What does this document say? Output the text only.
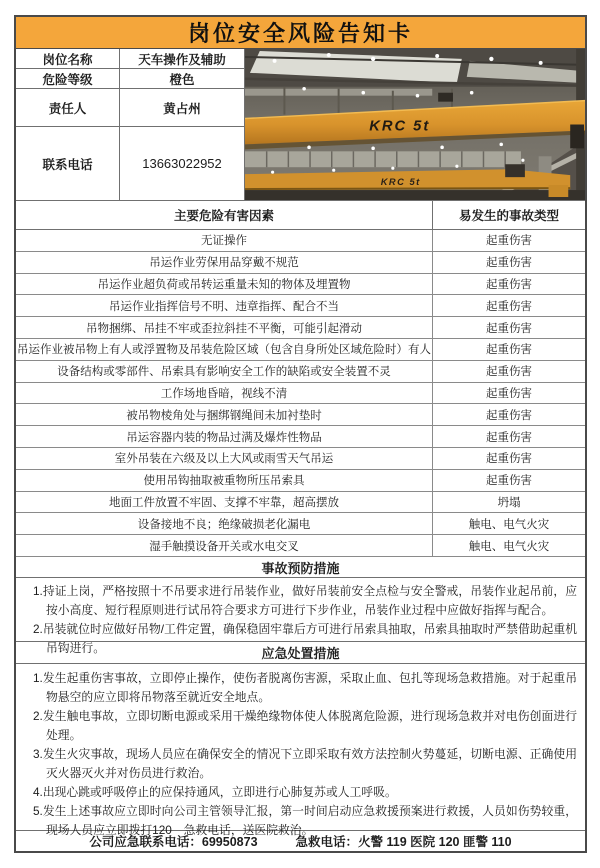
岗位安全风险告知卡
岗位名称	天车操作及辅助
KRC 5t
KRC 5t
危险等级	橙色
责任人	黄占州
联系电话	13663022952
主要危险有害因素	易发生的事故类型
无证操作	起重伤害
吊运作业劳保用品穿戴不规范	起重伤害
吊运作业超负荷或吊转运重量未知的物体及埋置物	起重伤害
吊运作业指挥信号不明、违章指挥、配合不当	起重伤害
吊物捆绑、吊挂不牢或歪拉斜挂不平衡，可能引起滑动	起重伤害
吊运作业被吊物上有人或浮置物及吊装危险区域（包含自身所处区域危险时）有人	起重伤害
设备结构或零部件、吊索具有影响安全工作的缺陷或安全装置不灵	起重伤害
工作场地昏暗，视线不清	起重伤害
被吊物棱角处与捆绑钢绳间未加衬垫时	起重伤害
吊运容器内装的物品过满及爆炸性物品	起重伤害
室外吊装在六级及以上大风或雨雪天气吊运	起重伤害
使用吊钩抽取被重物所压吊索具	起重伤害
地面工件放置不牢固、支撑不牢靠，超高摆放	坍塌
设备接地不良；绝缘破损老化漏电	触电、电气火灾
湿手触摸设备开关或水电交叉	触电、电气火灾
事故预防措施
1.持证上岗，严格按照十不吊要求进行吊装作业，做好吊装前安全点检与安全警戒，吊装作业起吊前，应按小高度、短行程原则进行试吊符合要求方可进行下步作业，吊装作业过程中应做好指挥与配合。
2.吊装就位时应做好吊物/工件定置，确保稳固牢靠后方可进行吊索具抽取，吊索具抽取时严禁借助起重机吊钩进行。	应急处置措施
1.发生起重伤害事故，立即停止操作，使伤者脱离伤害源，采取止血、包扎等现场急救措施。对于起重吊物悬空的应立即将吊物落至就近安全地点。
2.发生触电事故，立即切断电源或采用干燥绝缘物体使人体脱离危险源，进行现场急救并对电伤创面进行处理。
3.发生火灾事故，现场人员应在确保安全的情况下立即采取有效方法控制火势蔓延，切断电源、正确使用灭火器灭火并对伤员进行救治。
4.出现心跳或呼吸停止的应保持通风，立即进行心肺复苏或人工呼吸。
5.发生上述事故应立即时向公司主管领导汇报，第一时间启动应急救援预案进行救援，人员如伤势较重，现场人员应立即拨打120　急救电话，送医院救治。
公司应急联系电话：69950873	急救电话：火警 119 医院 120 匪警 110
